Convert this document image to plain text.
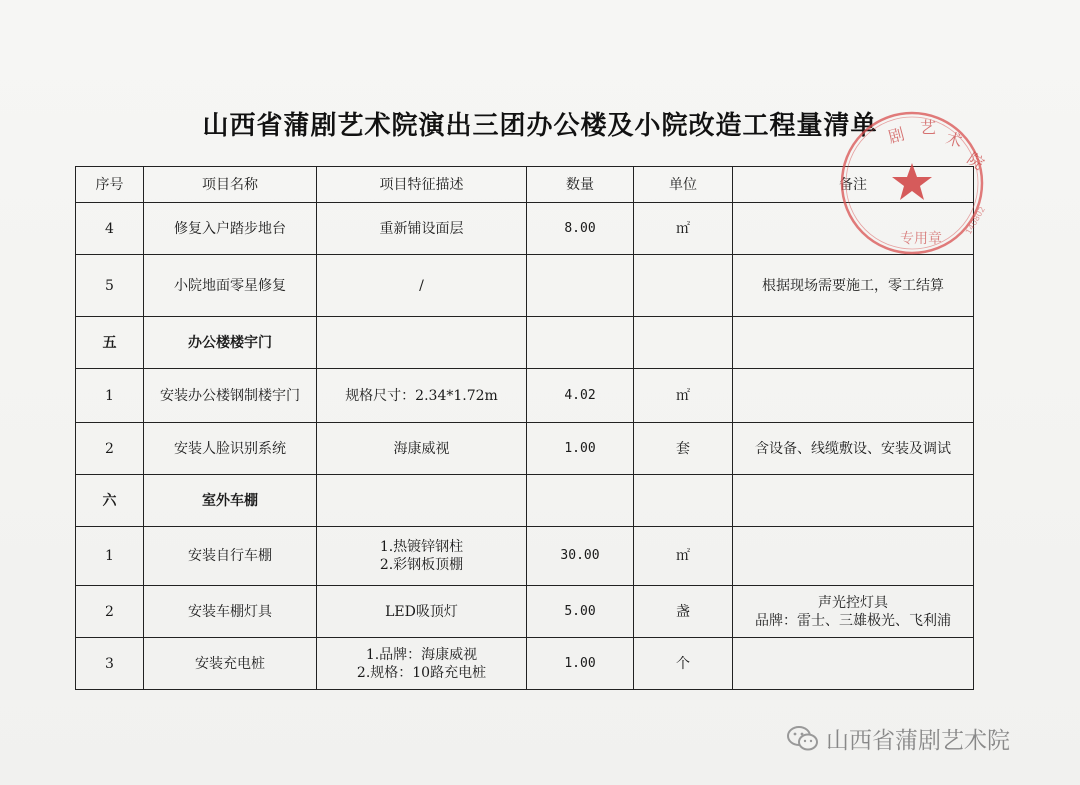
山西省蒲剧艺术院演出三团办公楼及小院改造工程量清单
序号	项目名称	项目特征描述	数量	单位	备注
4	修复入户踏步地台	重新铺设面层	8.00	㎡	

5	小院地面零星修复	/			根据现场需要施工，零工结算

五	办公楼楼宇门	

1	安装办公楼钢制楼宇门	规格尺寸：2.34*1.72m	4.02	㎡	

2	安装人脸识别系统	海康威视	1.00	套	含设备、线缆敷设、安装及调试

六	室外车棚	

1	安装自行车棚	1.热镀锌钢柱
2.彩钢板顶棚	30.00	㎡	

2	安装车棚灯具	LED吸顶灯	5.00	盏	声光控灯具
品牌：雷士、三雄极光、飞利浦

3	安装充电桩	1.品牌：海康威视
2.规格：10路充电桩	1.00	个	
剧 艺
术
院
专用章
140802
山西省蒲剧艺术院
